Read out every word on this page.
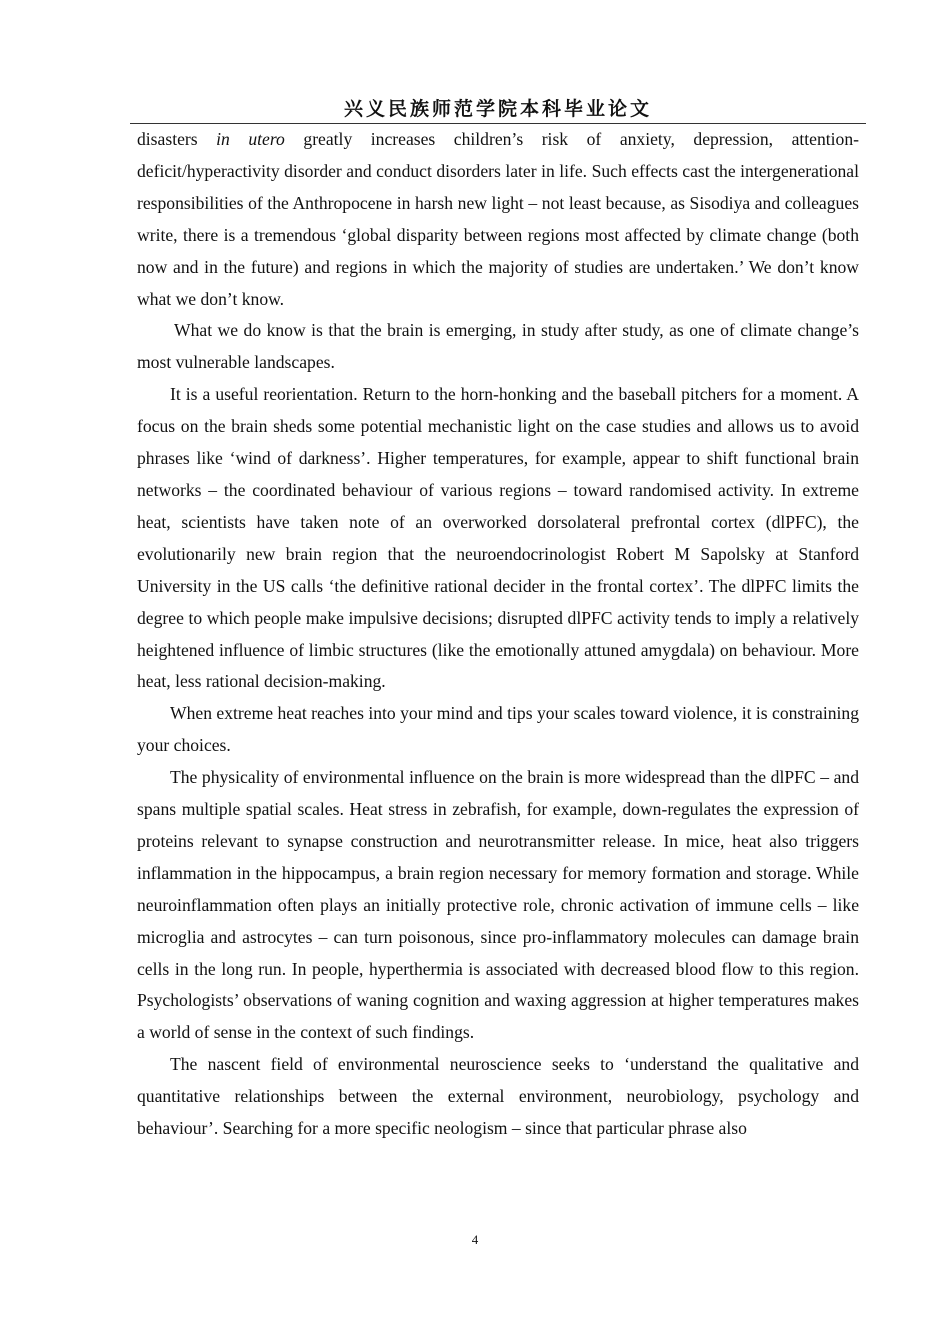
兴义民族师范学院本科毕业论文

disasters in utero greatly increases children’s risk of anxiety, depression, attention-deficit/hyperactivity disorder and conduct disorders later in life. Such effects cast the intergenerational responsibilities of the Anthropocene in harsh new light – not least because, as Sisodiya and colleagues write, there is a tremendous ‘global disparity between regions most affected by climate change (both now and in the future) and regions in which the majority of studies are undertaken.’ We don’t know what we don’t know.

What we do know is that the brain is emerging, in study after study, as one of climate change’s most vulnerable landscapes.

It is a useful reorientation. Return to the horn-honking and the baseball pitchers for a moment. A focus on the brain sheds some potential mechanistic light on the case studies and allows us to avoid phrases like ‘wind of darkness’. Higher temperatures, for example, appear to shift functional brain networks – the coordinated behaviour of various regions – toward randomised activity. In extreme heat, scientists have taken note of an overworked dorsolateral prefrontal cortex (dlPFC), the evolutionarily new brain region that the neuroendocrinologist Robert M Sapolsky at Stanford University in the US calls ‘the definitive rational decider in the frontal cortex’. The dlPFC limits the degree to which people make impulsive decisions; disrupted dlPFC activity tends to imply a relatively heightened influence of limbic structures (like the emotionally attuned amygdala) on behaviour. More heat, less rational decision-making.

When extreme heat reaches into your mind and tips your scales toward violence, it is constraining your choices.

The physicality of environmental influence on the brain is more widespread than the dlPFC – and spans multiple spatial scales. Heat stress in zebrafish, for example, down-regulates the expression of proteins relevant to synapse construction and neurotransmitter release. In mice, heat also triggers inflammation in the hippocampus, a brain region necessary for memory formation and storage. While neuroinflammation often plays an initially protective role, chronic activation of immune cells – like microglia and astrocytes – can turn poisonous, since pro-inflammatory molecules can damage brain cells in the long run. In people, hyperthermia is associated with decreased blood flow to this region. Psychologists’ observations of waning cognition and waxing aggression at higher temperatures makes a world of sense in the context of such findings.

The nascent field of environmental neuroscience seeks to ‘understand the qualitative and quantitative relationships between the external environment, neurobiology, psychology and behaviour’. Searching for a more specific neologism – since that particular phrase also

4
